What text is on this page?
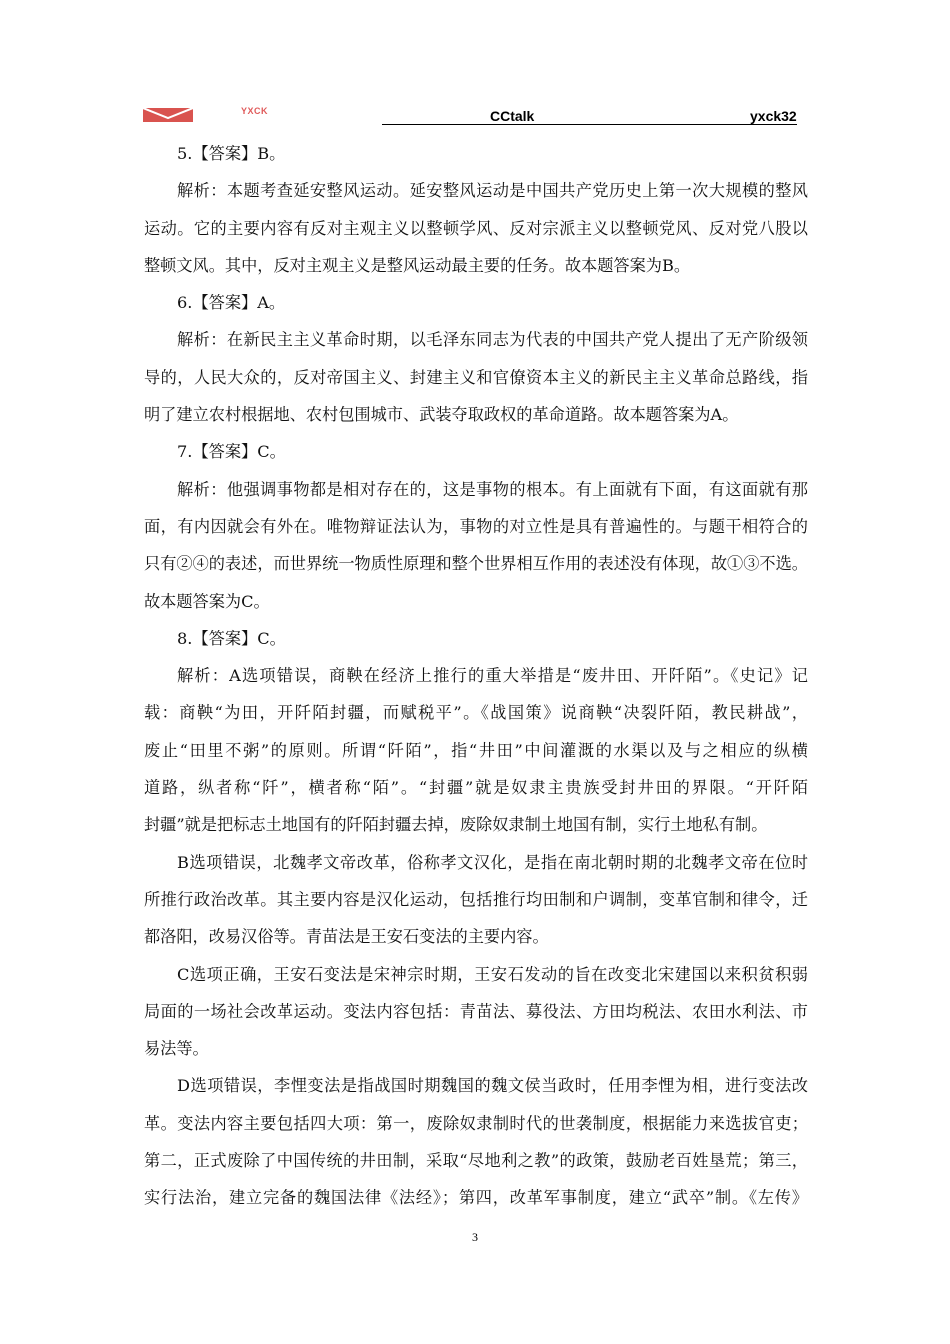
YXCK	CCtalk	yxck32
5.【答案】B。
解析：本题考查延安整风运动。延安整风运动是中国共产党历史上第一次大规模的整风
运动。它的主要内容有反对主观主义以整顿学风、反对宗派主义以整顿党风、反对党八股以
整顿文风。其中，反对主观主义是整风运动最主要的任务。故本题答案为B。
6.【答案】A。
解析：在新民主主义革命时期，以毛泽东同志为代表的中国共产党人提出了无产阶级领
导的，人民大众的，反对帝国主义、封建主义和官僚资本主义的新民主主义革命总路线，指
明了建立农村根据地、农村包围城市、武装夺取政权的革命道路。故本题答案为A。
7.【答案】C。
解析：他强调事物都是相对存在的，这是事物的根本。有上面就有下面，有这面就有那
面，有内因就会有外在。唯物辩证法认为，事物的对立性是具有普遍性的。与题干相符合的
只有②④的表述，而世界统一物质性原理和整个世界相互作用的表述没有体现，故①③不选。
故本题答案为C。
8.【答案】C。
解析：A选项错误，商鞅在经济上推行的重大举措是“废井田、开阡陌”。《史记》记
载：商鞅“为田，开阡陌封疆，而赋税平”。《战国策》说商鞅“决裂阡陌，教民耕战”，
废止“田里不粥”的原则。所谓“阡陌”，指“井田”中间灌溉的水渠以及与之相应的纵横
道路，纵者称“阡”，横者称“陌”。“封疆”就是奴隶主贵族受封井田的界限。“开阡陌
封疆”就是把标志土地国有的阡陌封疆去掉，废除奴隶制土地国有制，实行土地私有制。
B选项错误，北魏孝文帝改革，俗称孝文汉化，是指在南北朝时期的北魏孝文帝在位时
所推行政治改革。其主要内容是汉化运动，包括推行均田制和户调制，变革官制和律令，迁
都洛阳，改易汉俗等。青苗法是王安石变法的主要内容。
C选项正确，王安石变法是宋神宗时期，王安石发动的旨在改变北宋建国以来积贫积弱
局面的一场社会改革运动。变法内容包括：青苗法、募役法、方田均税法、农田水利法、市
易法等。
D选项错误，李悝变法是指战国时期魏国的魏文侯当政时，任用李悝为相，进行变法改
革。变法内容主要包括四大项：第一，废除奴隶制时代的世袭制度，根据能力来选拔官吏；
第二，正式废除了中国传统的井田制，采取“尽地利之教”的政策，鼓励老百姓垦荒；第三，
实行法治，建立完备的魏国法律《法经》；第四，改革军事制度，建立“武卒”制。《左传》
3
